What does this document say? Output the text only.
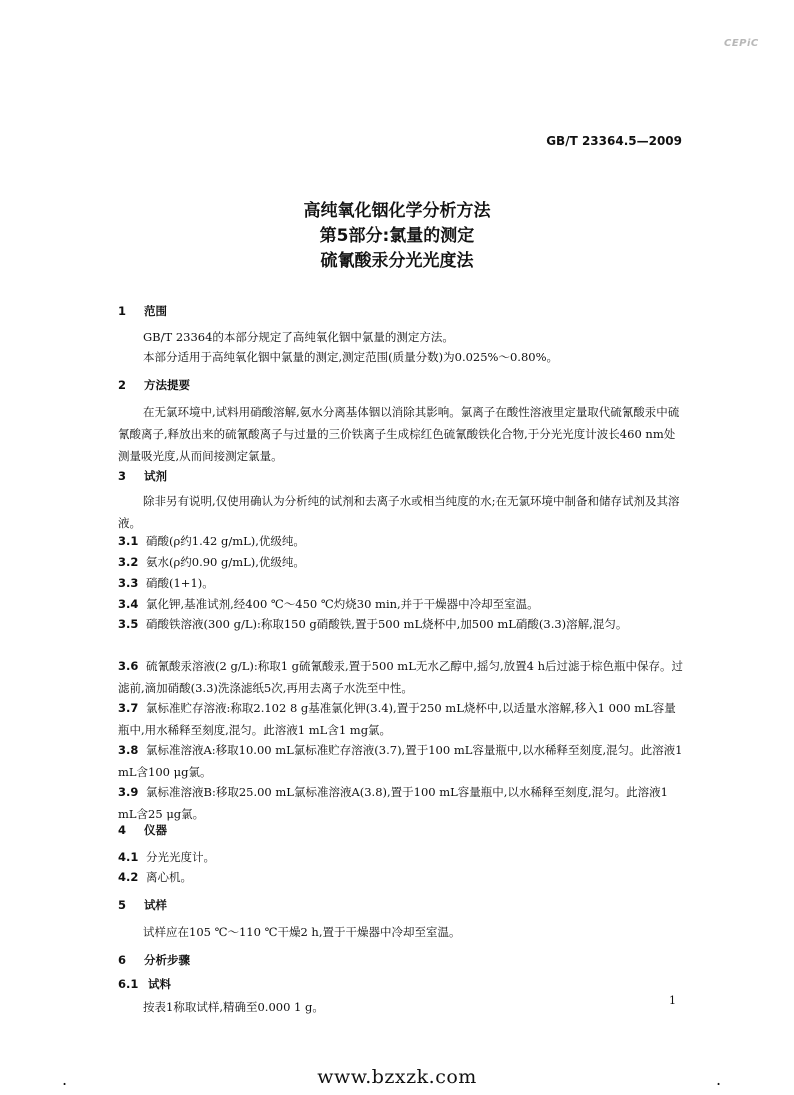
CEPiC
GB/T 23364.5—2009
高纯氧化铟化学分析方法
第5部分:氯量的测定
硫氰酸汞分光光度法
1 范围
GB/T 23364的本部分规定了高纯氧化铟中氯量的测定方法。
本部分适用于高纯氧化铟中氯量的测定,测定范围(质量分数)为0.025%～0.80%。
2 方法提要
在无氯环境中,试料用硝酸溶解,氨水分离基体铟以消除其影响。氯离子在酸性溶液里定量取代硫氰酸汞中硫氰酸离子,释放出来的硫氰酸离子与过量的三价铁离子生成棕红色硫氰酸铁化合物,于分光光度计波长460 nm处测量吸光度,从而间接测定氯量。
3 试剂
除非另有说明,仅使用确认为分析纯的试剂和去离子水或相当纯度的水;在无氯环境中制备和储存试剂及其溶液。
3.1 硝酸(ρ约1.42 g/mL),优级纯。
3.2 氨水(ρ约0.90 g/mL),优级纯。
3.3 硝酸(1+1)。
3.4 氯化钾,基准试剂,经400 ℃～450 ℃灼烧30 min,并于干燥器中冷却至室温。
3.5 硝酸铁溶液(300 g/L):称取150 g硝酸铁,置于500 mL烧杯中,加500 mL硝酸(3.3)溶解,混匀。
3.6 硫氰酸汞溶液(2 g/L):称取1 g硫氰酸汞,置于500 mL无水乙醇中,摇匀,放置4 h后过滤于棕色瓶中保存。过滤前,滴加硝酸(3.3)洗涤滤纸5次,再用去离子水洗至中性。
3.7 氯标准贮存溶液:称取2.102 8 g基准氯化钾(3.4),置于250 mL烧杯中,以适量水溶解,移入1 000 mL容量瓶中,用水稀释至刻度,混匀。此溶液1 mL含1 mg氯。
3.8 氯标准溶液A:移取10.00 mL氯标准贮存溶液(3.7),置于100 mL容量瓶中,以水稀释至刻度,混匀。此溶液1 mL含100 μg氯。
3.9 氯标准溶液B:移取25.00 mL氯标准溶液A(3.8),置于100 mL容量瓶中,以水稀释至刻度,混匀。此溶液1 mL含25 μg氯。
4 仪器
4.1 分光光度计。
4.2 离心机。
5 试样
试样应在105 ℃～110 ℃干燥2 h,置于干燥器中冷却至室温。
6 分析步骤
6.1 试料
按表1称取试样,精确至0.000 1 g。	1
.	www.bzxzk.com	.
